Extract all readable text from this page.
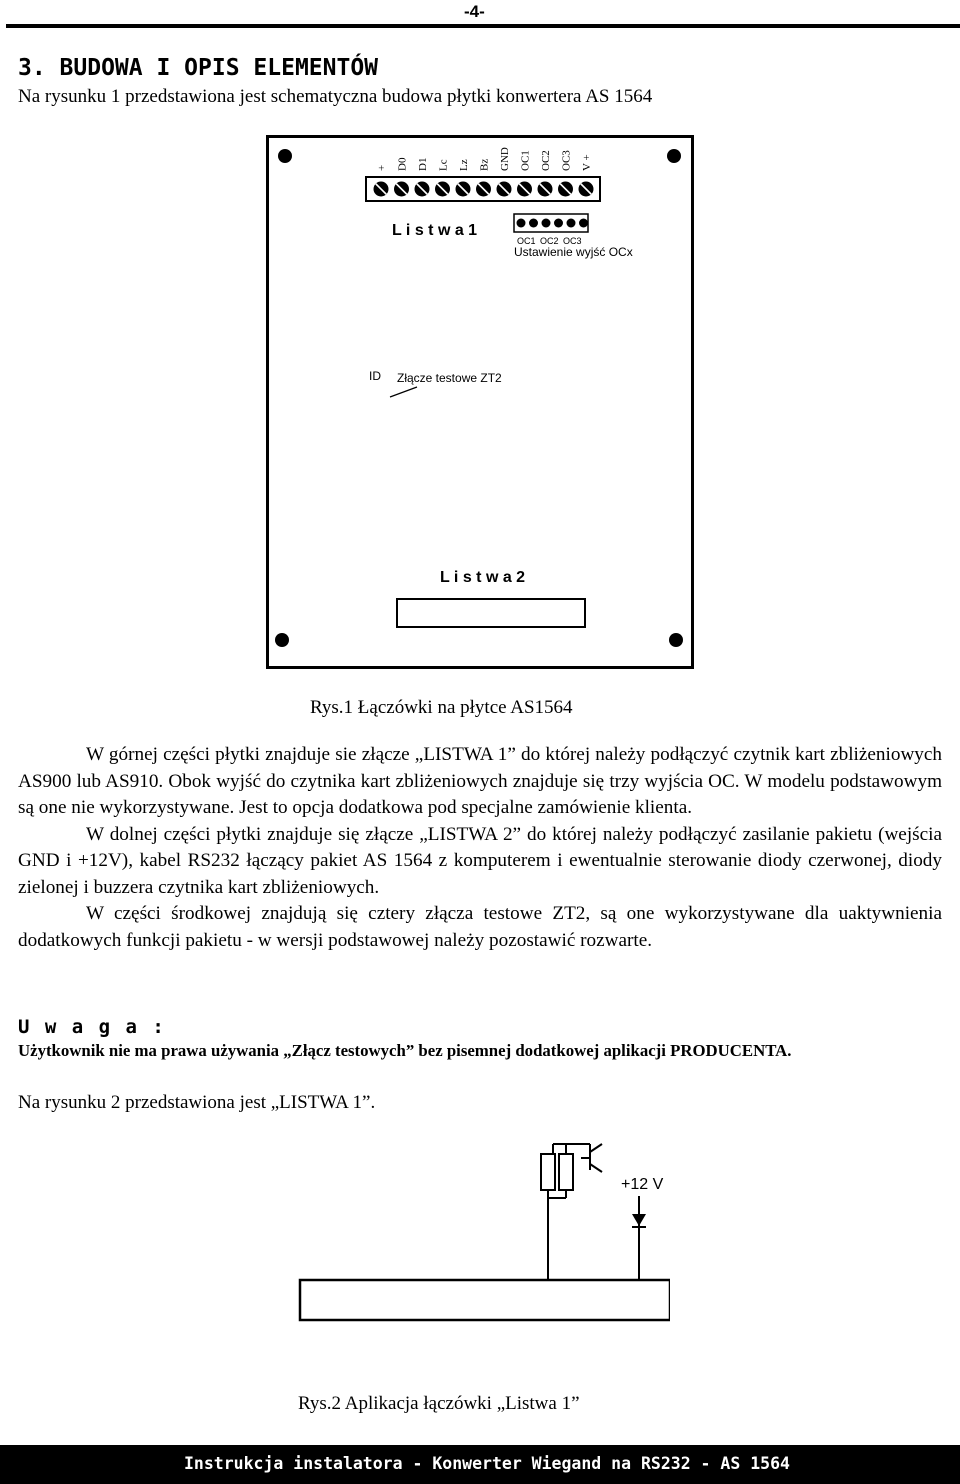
-4-
3. BUDOWA I OPIS ELEMENTÓW
Na rysunku 1 przedstawiona jest schematyczna budowa płytki konwertera AS 1564
+ D0 D1 Lc Lz Bz GND OC1 OC2 OC3 V +
L i s t w a 1
OC1 OC2 OC3
Ustawienie wyjść OCx
ID Złącze testowe ZT2
L i s t w a 2
Rys.1 Łączówki na płytce AS1564

W górnej części płytki znajduje sie złącze „LISTWA 1” do której należy podłączyć czytnik kart zbliżeniowych AS900 lub AS910. Obok wyjść do czytnika kart zbliżeniowych znajduje się trzy wyjścia OC. W modelu podstawowym są one nie wykorzystywane. Jest to opcja dodatkowa pod specjalne zamówienie klienta.

W dolnej części płytki znajduje się złącze „LISTWA 2” do której należy podłączyć zasilanie pakietu (wejścia GND i +12V), kabel RS232 łączący pakiet AS 1564 z komputerem i ewentualnie sterowanie diody czerwonej, diody zielonej i buzzera czytnika kart zbliżeniowych.

W części środkowej znajdują się cztery złącza testowe ZT2, są one wykorzystywane dla uaktywnienia dodatkowych funkcji pakietu - w wersji podstawowej należy pozostawić rozwarte.

U w a g a :
Użytkownik nie ma prawa używania „Złącz testowych” bez pisemnej dodatkowej aplikacji PRODUCENTA.
Na rysunku 2 przedstawiona jest „LISTWA 1”.
+12 V
Rys.2 Aplikacja łączówki „Listwa 1”
Instrukcja instalatora - Konwerter Wiegand na RS232 - AS 1564
